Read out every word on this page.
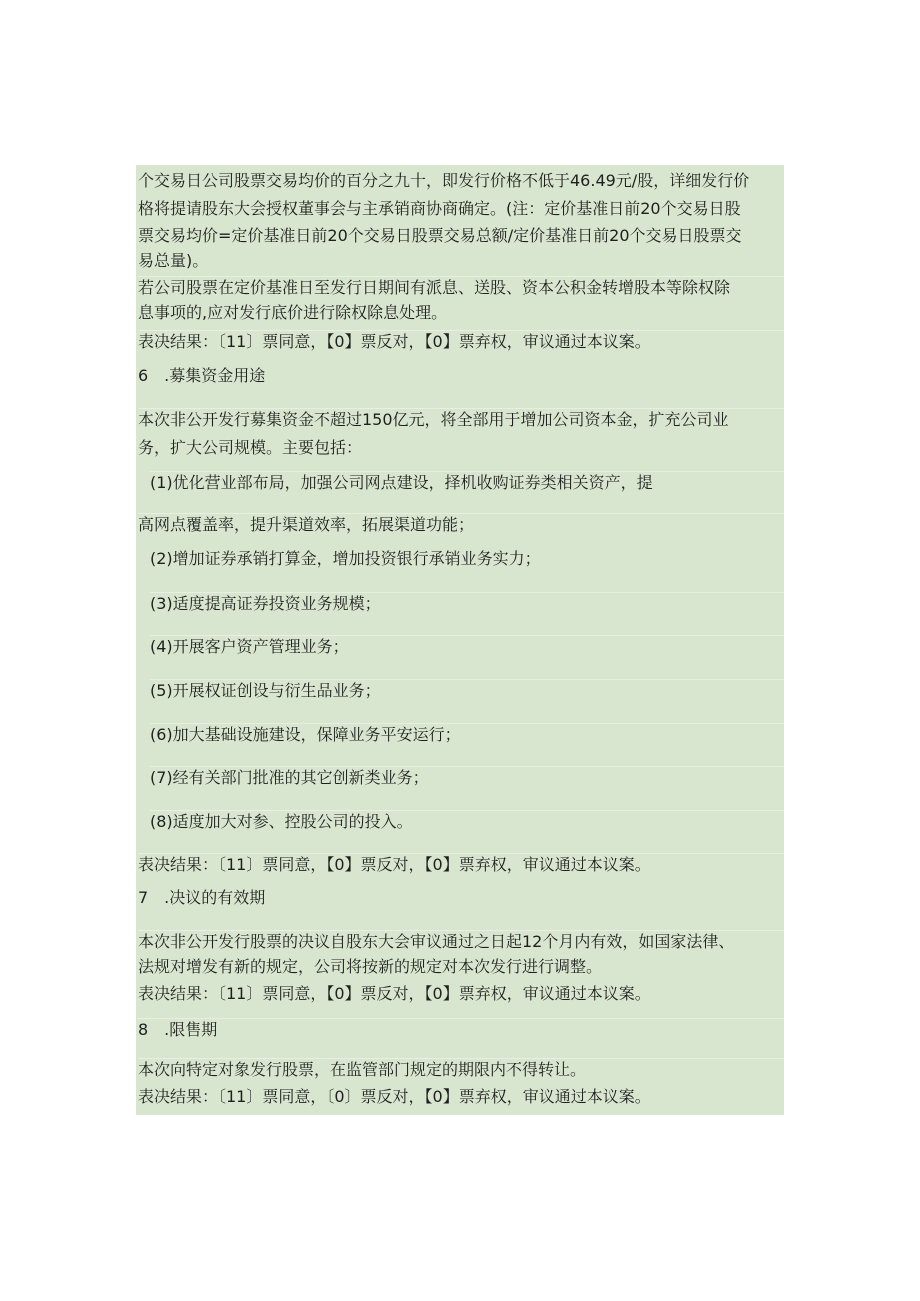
个交易日公司股票交易均价的百分之九十，即发行价格不低于46.49元/股，详细发行价

格将提请股东大会授权董事会与主承销商协商确定。(注：定价基准日前20个交易日股

票交易均价=定价基准日前20个交易日股票交易总额/定价基准日前20个交易日股票交

易总量)。

若公司股票在定价基准日至发行日期间有派息、送股、资本公积金转增股本等除权除

息事项的,应对发行底价进行除权除息处理。

表决结果：〔11〕票同意，【0】票反对，【0】票弃权，审议通过本议案。

6　.募集资金用途

本次非公开发行募集资金不超过150亿元，将全部用于增加公司资本金，扩充公司业

务，扩大公司规模。主要包括：

(1)优化营业部布局，加强公司网点建设，择机收购证券类相关资产，提

高网点覆盖率，提升渠道效率，拓展渠道功能；

(2)增加证券承销打算金，增加投资银行承销业务实力；

(3)适度提高证券投资业务规模；

(4)开展客户资产管理业务；

(5)开展权证创设与衍生品业务；

(6)加大基础设施建设，保障业务平安运行；

(7)经有关部门批准的其它创新类业务；

(8)适度加大对参、控股公司的投入。

表决结果：〔11〕票同意，【0】票反对，【0】票弃权，审议通过本议案。

7　.决议的有效期

本次非公开发行股票的决议自股东大会审议通过之日起12个月内有效，如国家法律、

法规对增发有新的规定，公司将按新的规定对本次发行进行调整。

表决结果：〔11〕票同意，【0】票反对，【0】票弃权，审议通过本议案。

8　.限售期

本次向特定对象发行股票，在监管部门规定的期限内不得转让。

表决结果：〔11〕票同意，〔0〕票反对，【0】票弃权，审议通过本议案。
